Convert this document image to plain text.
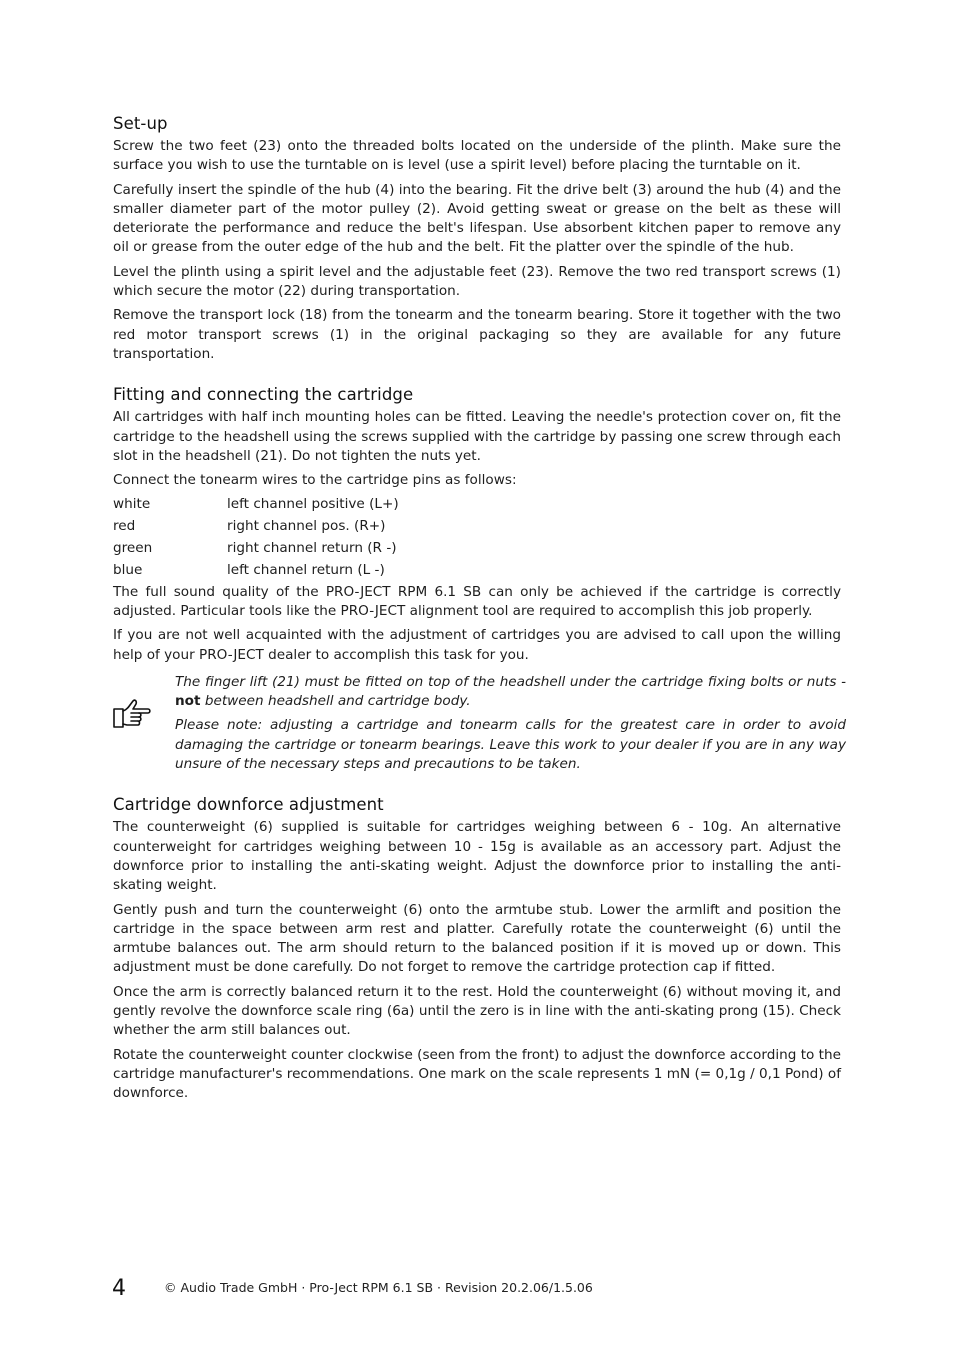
Set-up

Screw the two feet (23) onto the threaded bolts located on the underside of the plinth. Make sure the surface you wish to use the turntable on is level (use a spirit level) before placing the turntable on it.

Carefully insert the spindle of the hub (4) into the bearing. Fit the drive belt (3) around the hub (4) and the smaller diameter part of the motor pulley (2). Avoid getting sweat or grease on the belt as these will deteriorate the performance and reduce the belt's lifespan. Use absorbent kitchen paper to remove any oil or grease from the outer edge of the hub and the belt. Fit the platter over the spindle of the hub.

Level the plinth using a spirit level and the adjustable feet (23). Remove the two red transport screws (1) which secure the motor (22) during transportation.

Remove the transport lock (18) from the tonearm and the tonearm bearing. Store it together with the two red motor transport screws (1) in the original packaging so they are available for any future transportation.

Fitting and connecting the cartridge

All cartridges with half inch mounting holes can be fitted. Leaving the needle's protection cover on, fit the cartridge to the headshell using the screws supplied with the cartridge by passing one screw through each slot in the headshell (21). Do not tighten the nuts yet.

Connect the tonearm wires to the cartridge pins as follows:

white	left channel positive (L+)
red	right channel pos. (R+)
green	right channel return (R -)
blue	left channel return (L -)

The full sound quality of the PRO-JECT RPM 6.1 SB can only be achieved if the cartridge is correctly adjusted. Particular tools like the PRO-JECT alignment tool are required to accomplish this job properly.

If you are not well acquainted with the adjustment of cartridges you are advised to call upon the willing help of your PRO-JECT dealer to accomplish this task for you.

The finger lift (21) must be fitted on top of the headshell under the cartridge fixing bolts or nuts - not between headshell and cartridge body.

Please note: adjusting a cartridge and tonearm calls for the greatest care in order to avoid damaging the cartridge or tonearm bearings. Leave this work to your dealer if you are in any way unsure of the necessary steps and precautions to be taken.

Cartridge downforce adjustment

The counterweight (6) supplied is suitable for cartridges weighing between 6 - 10g. An alternative counterweight for cartridges weighing between 10 - 15g is available as an accessory part. Adjust the downforce prior to installing the anti-skating weight. Adjust the downforce prior to installing the anti-skating weight.

Gently push and turn the counterweight (6) onto the armtube stub. Lower the armlift and position the cartridge in the space between arm rest and platter. Carefully rotate the counterweight (6) until the armtube balances out. The arm should return to the balanced position if it is moved up or down. This adjustment must be done carefully. Do not forget to remove the cartridge protection cap if fitted.

Once the arm is correctly balanced return it to the rest. Hold the counterweight (6) without moving it, and gently revolve the downforce scale ring (6a) until the zero is in line with the anti-skating prong (15). Check whether the arm still balances out.

Rotate the counterweight counter clockwise (seen from the front) to adjust the downforce according to the cartridge manufacturer's recommendations. One mark on the scale represents 1 mN (= 0,1g / 0,1 Pond) of downforce.

4	© Audio Trade GmbH · Pro-Ject RPM 6.1 SB · Revision 20.2.06/1.5.06
